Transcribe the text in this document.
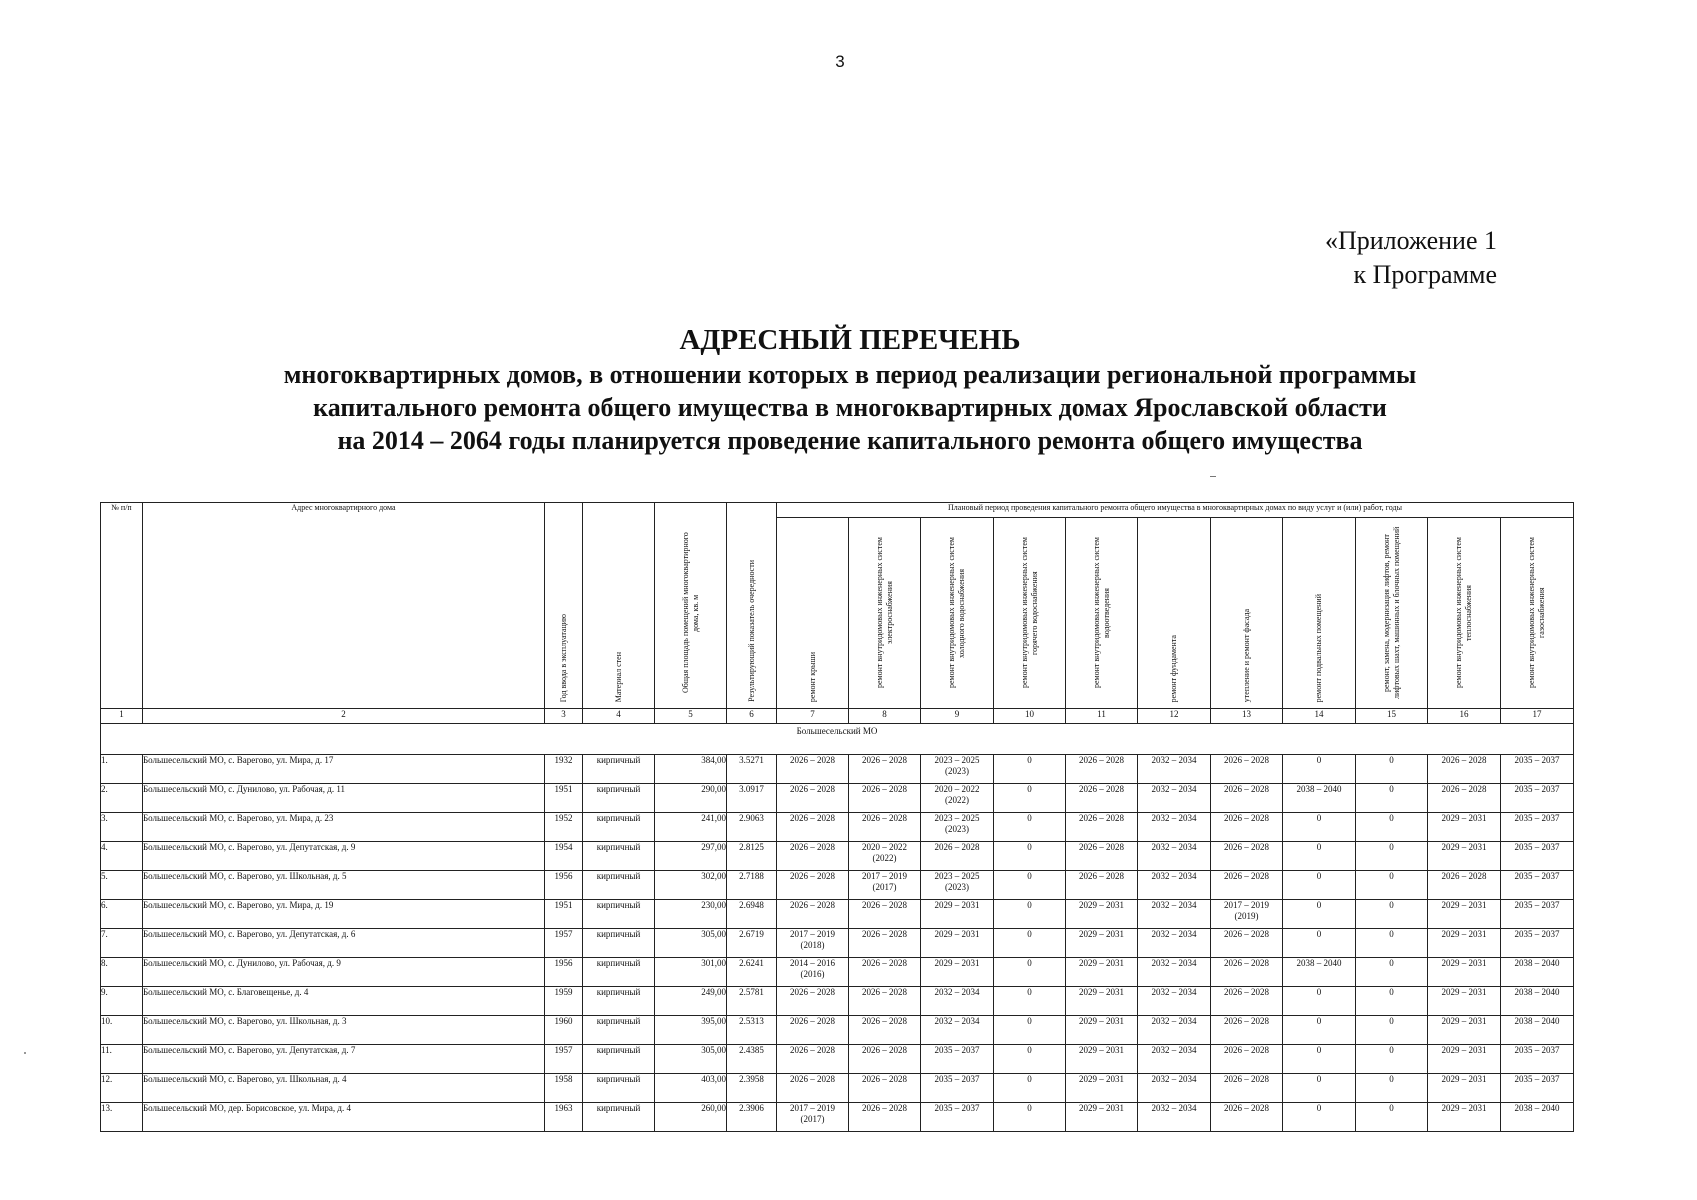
3
«Приложение 1
к Программе
АДРЕСНЫЙ ПЕРЕЧЕНЬ
многоквартирных домов, в отношении которых в период реализации региональной программы
капитального ремонта общего имущества в многоквартирных домах Ярославской области
на 2014 – 2064 годы планируется проведение капитального ремонта общего имущества
№ п/п	Адрес многоквартирного дома	Год ввода в эксплуатацию	Материал стен	Общая площадь помещений многоквартирного дома, кв. м	Результирующий показатель очередности	Плановый период проведения капитального ремонта общего имущества в многоквартирных домах по виду услуг и (или) работ, годы										

						ремонт крыши	ремонт внутридомовых инженерных систем электроснабжения	ремонт внутридомовых инженерных систем холодного водоснабжения	ремонт внутридомовых инженерных систем горячего водоснабжения	ремонт внутридомовых инженерных систем водоотведения	ремонт фундамента	утепление и ремонт фасада	ремонт подвальных помещений	ремонт, замена, модернизация лифтов, ремонт лифтовых шахт, машинных и блочных помещений	ремонт внутридомовых инженерных систем теплоснабжения	ремонт внутридомовых инженерных систем газоснабжения

1	2	3	4	5	6	7	8	9	10	11	12	13	14	15	16	17

Большесельский МО																

1.	Большесельский МО, с. Варегово, ул. Мира, д. 17	1932	кирпичный	384,00	3.5271	2026 – 2028	2026 – 2028	2023 – 2025
(2023)	0	2026 – 2028	2032 – 2034	2026 – 2028	0	0	2026 – 2028	2035 – 2037

2.	Большесельский МО, с. Дунилово, ул. Рабочая, д. 11	1951	кирпичный	290,00	3.0917	2026 – 2028	2026 – 2028	2020 – 2022
(2022)	0	2026 – 2028	2032 – 2034	2026 – 2028	2038 – 2040	0	2026 – 2028	2035 – 2037

3.	Большесельский МО, с. Варегово, ул. Мира, д. 23	1952	кирпичный	241,00	2.9063	2026 – 2028	2026 – 2028	2023 – 2025
(2023)	0	2026 – 2028	2032 – 2034	2026 – 2028	0	0	2029 – 2031	2035 – 2037

4.	Большесельский МО, с. Варегово, ул. Депутатская, д. 9	1954	кирпичный	297,00	2.8125	2026 – 2028	2020 – 2022
(2022)	2026 – 2028	0	2026 – 2028	2032 – 2034	2026 – 2028	0	0	2029 – 2031	2035 – 2037

5.	Большесельский МО, с. Варегово, ул. Школьная, д. 5	1956	кирпичный	302,00	2.7188	2026 – 2028	2017 – 2019
(2017)	2023 – 2025
(2023)	0	2026 – 2028	2032 – 2034	2026 – 2028	0	0	2026 – 2028	2035 – 2037

6.	Большесельский МО, с. Варегово, ул. Мира, д. 19	1951	кирпичный	230,00	2.6948	2026 – 2028	2026 – 2028	2029 – 2031	0	2029 – 2031	2032 – 2034	2017 – 2019
(2019)	0	0	2029 – 2031	2035 – 2037

7.	Большесельский МО, с. Варегово, ул. Депутатская, д. 6	1957	кирпичный	305,00	2.6719	2017 – 2019
(2018)	2026 – 2028	2029 – 2031	0	2029 – 2031	2032 – 2034	2026 – 2028	0	0	2029 – 2031	2035 – 2037

8.	Большесельский МО, с. Дунилово, ул. Рабочая, д. 9	1956	кирпичный	301,00	2.6241	2014 – 2016
(2016)	2026 – 2028	2029 – 2031	0	2029 – 2031	2032 – 2034	2026 – 2028	2038 – 2040	0	2029 – 2031	2038 – 2040

9.	Большесельский МО, с. Благовещенье, д. 4	1959	кирпичный	249,00	2.5781	2026 – 2028	2026 – 2028	2032 – 2034	0	2029 – 2031	2032 – 2034	2026 – 2028	0	0	2029 – 2031	2038 – 2040

10.	Большесельский МО, с. Варегово, ул. Школьная, д. 3	1960	кирпичный	395,00	2.5313	2026 – 2028	2026 – 2028	2032 – 2034	0	2029 – 2031	2032 – 2034	2026 – 2028	0	0	2029 – 2031	2038 – 2040

11.	Большесельский МО, с. Варегово, ул. Депутатская, д. 7	1957	кирпичный	305,00	2.4385	2026 – 2028	2026 – 2028	2035 – 2037	0	2029 – 2031	2032 – 2034	2026 – 2028	0	0	2029 – 2031	2035 – 2037

12.	Большесельский МО, с. Варегово, ул. Школьная, д. 4	1958	кирпичный	403,00	2.3958	2026 – 2028	2026 – 2028	2035 – 2037	0	2029 – 2031	2032 – 2034	2026 – 2028	0	0	2029 – 2031	2035 – 2037

13.	Большесельский МО, дер. Борисовское, ул. Мира, д. 4	1963	кирпичный	260,00	2.3906	2017 – 2019
(2017)	2026 – 2028	2035 – 2037	0	2029 – 2031	2032 – 2034	2026 – 2028	0	0	2029 – 2031	2038 – 2040
